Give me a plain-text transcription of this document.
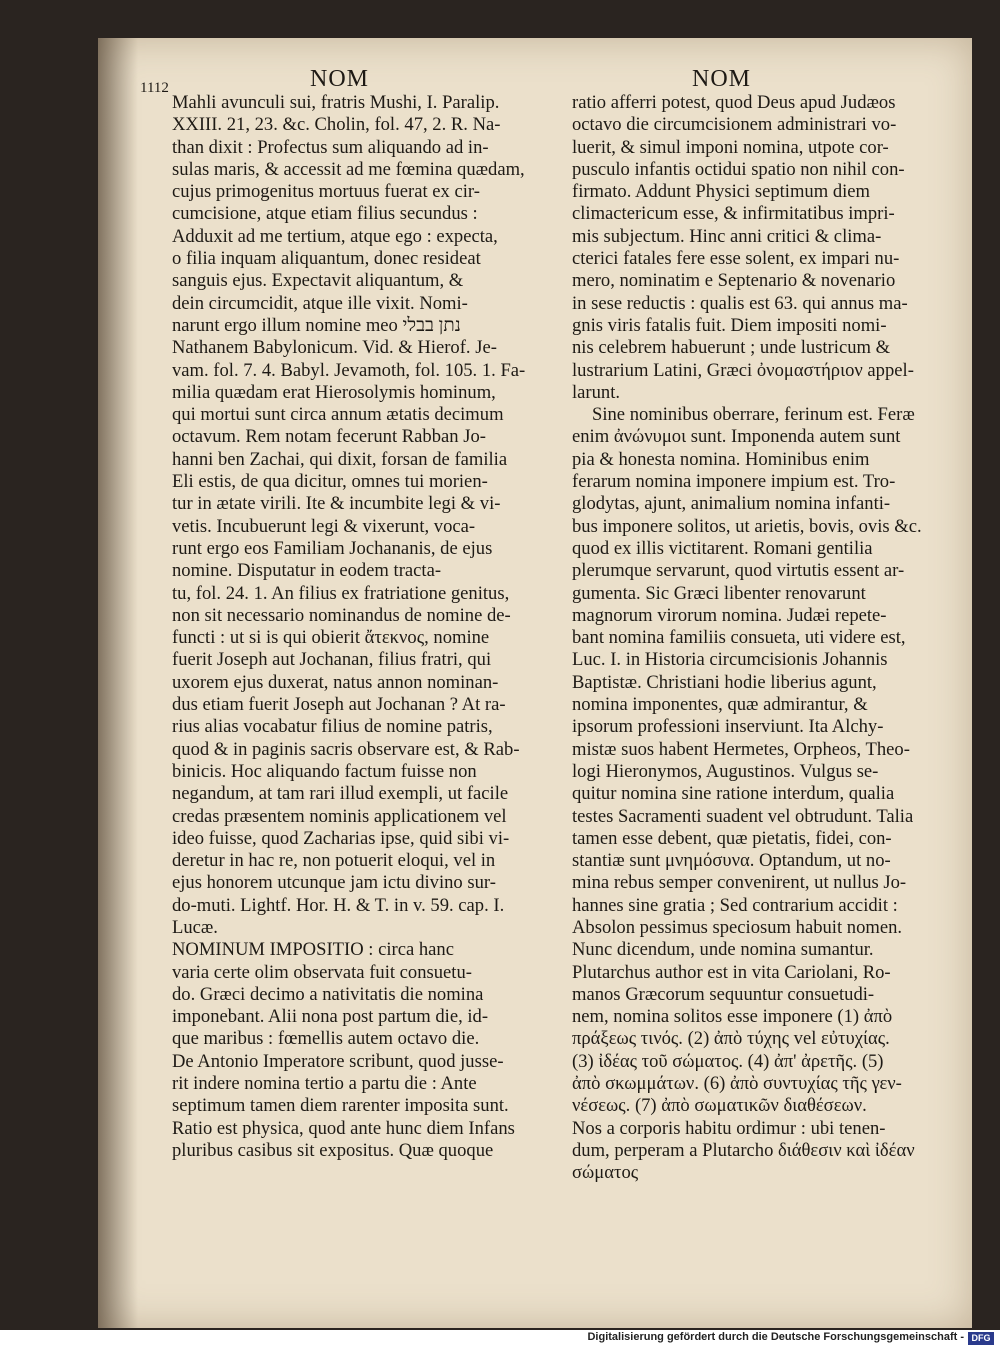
1112	NOM	NOM
Mahli avunculi sui, fratris Mushi, I. Paralip.
XXIII. 21, 23. &c. Cholin, fol. 47, 2. R. Na-
than dixit : Profectus sum aliquando ad in-
sulas maris, & accessit ad me fœmina quædam,
cujus primogenitus mortuus fuerat ex cir-
cumcisione, atque etiam filius secundus :
Adduxit ad me tertium, atque ego : expecta,
o filia inquam aliquantum, donec resideat
sanguis ejus. Expectavit aliquantum, &
dein circumcidit, atque ille vixit. Nomi-
narunt ergo illum nomine meo נתן בבלי
Nathanem Babylonicum. Vid. & Hierof. Je-
vam. fol. 7. 4. Babyl. Jevamoth, fol. 105. 1. Fa-
milia quædam erat Hierosolymis hominum,
qui mortui sunt circa annum ætatis decimum
octavum. Rem notam fecerunt Rabban Jo-
hanni ben Zachai, qui dixit, forsan de familia
Eli estis, de qua dicitur, omnes tui morien-
tur in ætate virili. Ite & incumbite legi & vi-
vetis. Incubuerunt legi & vixerunt, voca-
runt ergo eos Familiam Jochananis, de ejus
nomine. Disputatur in eodem tracta-
tu, fol. 24. 1. An filius ex fratriatione genitus,
non sit necessario nominandus de nomine de-
functi : ut si is qui obierit ἄτεκνος, nomine
fuerit Joseph aut Jochanan, filius fratri, qui
uxorem ejus duxerat, natus annon nominan-
dus etiam fuerit Joseph aut Jochanan ? At ra-
rius alias vocabatur filius de nomine patris,
quod & in paginis sacris observare est, & Rab-
binicis. Hoc aliquando factum fuisse non
negandum, at tam rari illud exempli, ut facile
credas præsentem nominis applicationem vel
ideo fuisse, quod Zacharias ipse, quid sibi vi-
deretur in hac re, non potuerit eloqui, vel in
ejus honorem utcunque jam ictu divino sur-
do-muti. Lightf. Hor. H. & T. in v. 59. cap. I.
Lucæ.
NOMINUM IMPOSITIO : circa hanc
varia certe olim observata fuit consuetu-
do. Græci decimo a nativitatis die nomina
imponebant. Alii nona post partum die, id-
que maribus : fœmellis autem octavo die.
De Antonio Imperatore scribunt, quod jusse-
rit indere nomina tertio a partu die : Ante
septimum tamen diem rarenter imposita sunt.
Ratio est physica, quod ante hunc diem Infans
pluribus casibus sit expositus. Quæ quoque
ratio afferri potest, quod Deus apud Judæos
octavo die circumcisionem administrari vo-
luerit, & simul imponi nomina, utpote cor-
pusculo infantis octidui spatio non nihil con-
firmato. Addunt Physici septimum diem
climactericum esse, & infirmitatibus impri-
mis subjectum. Hinc anni critici & clima-
cterici fatales fere esse solent, ex impari nu-
mero, nominatim e Septenario & novenario
in sese reductis : qualis est 63. qui annus ma-
gnis viris fatalis fuit. Diem impositi nomi-
nis celebrem habuerunt ; unde lustricum &
lustrarium Latini, Græci ὀνομαστήριον appel-
larunt.
Sine nominibus oberrare, ferinum est. Feræ
enim ἀνώνυμοι sunt. Imponenda autem sunt
pia & honesta nomina. Hominibus enim
ferarum nomina imponere impium est. Tro-
glodytas, ajunt, animalium nomina infanti-
bus imponere solitos, ut arietis, bovis, ovis &c.
quod ex illis victitarent. Romani gentilia
plerumque servarunt, quod virtutis essent ar-
gumenta. Sic Græci libenter renovarunt
magnorum virorum nomina. Judæi repete-
bant nomina familiis consueta, uti videre est,
Luc. I. in Historia circumcisionis Johannis
Baptistæ. Christiani hodie liberius agunt,
nomina imponentes, quæ admirantur, &
ipsorum professioni inserviunt. Ita Alchy-
mistæ suos habent Hermetes, Orpheos, Theo-
logi Hieronymos, Augustinos. Vulgus se-
quitur nomina sine ratione interdum, qualia
testes Sacramenti suadent vel obtrudunt. Talia
tamen esse debent, quæ pietatis, fidei, con-
stantiæ sunt μνημόσυνα. Optandum, ut no-
mina rebus semper convenirent, ut nullus Jo-
hannes sine gratia ; Sed contrarium accidit :
Absolon pessimus speciosum habuit nomen.
Nunc dicendum, unde nomina sumantur.
Plutarchus author est in vita Cariolani, Ro-
manos Græcorum sequuntur consuetudi-
nem, nomina solitos esse imponere (1) ἀπὸ
πράξεως τινός. (2) ἀπὸ τύχης vel εὐτυχίας.
(3) ἰδέας τοῦ σώματος. (4) ἀπ' ἀρετῆς. (5)
ἀπὸ σκωμμάτων. (6) ἀπὸ συντυχίας τῆς γεν-
νέσεως. (7) ἀπὸ σωματικῶν διαθέσεων.
Nos a corporis habitu ordimur : ubi tenen-
dum, perperam a Plutarcho διάθεσιν καὶ ἰδέαν
σώματος
Digitalisierung gefördert durch die Deutsche Forschungsgemeinschaft - DFG
